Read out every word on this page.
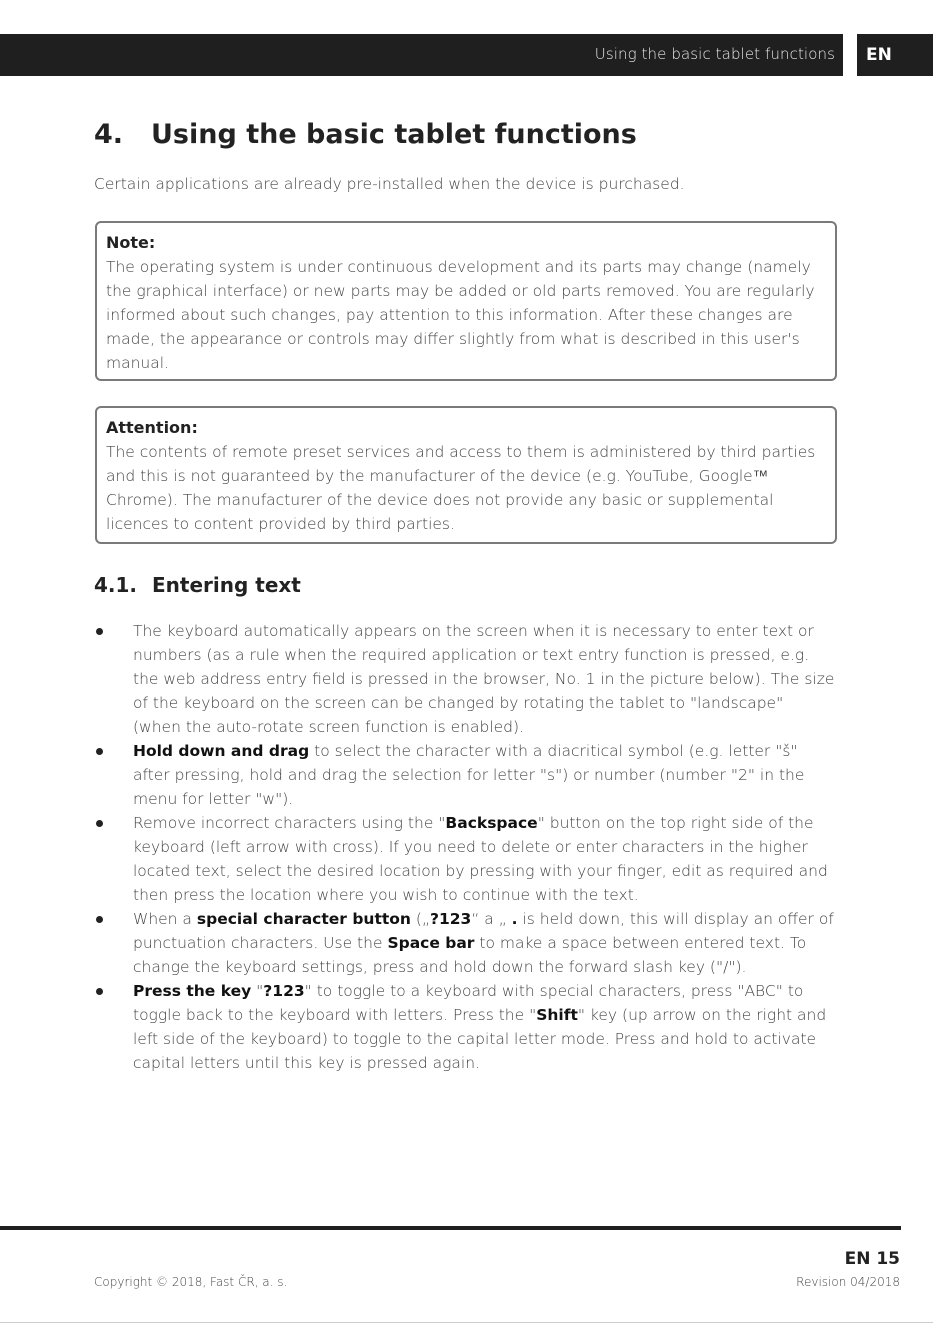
Using the basic tablet functions	EN
4. Using the basic tablet functions

Certain applications are already pre-installed when the device is purchased.

Note:

The operating system is under continuous development and its parts may change (namely the graphical interface) or new parts may be added or old parts removed. You are regularly informed about such changes, pay attention to this information. After these changes are made, the appearance or controls may differ slightly from what is described in this user's manual.

Attention:

The contents of remote preset services and access to them is administered by third parties and this is not guaranteed by the manufacturer of the device (e.g. YouTube, Google™ Chrome). The manufacturer of the device does not provide any basic or supplemental licences to content provided by third parties.

4.1. Entering text
The keyboard automatically appears on the screen when it is necessary to enter text or numbers (as a rule when the required application or text entry function is pressed, e.g. the web address entry field is pressed in the browser, No. 1 in the picture below). The size of the keyboard on the screen can be changed by rotating the tablet to "landscape" (when the auto-rotate screen function is enabled).
Hold down and drag to select the character with a diacritical symbol (e.g. letter "š" after pressing, hold and drag the selection for letter "s") or number (number "2" in the menu for letter "w").
Remove incorrect characters using the "Backspace" button on the top right side of the keyboard (left arrow with cross). If you need to delete or enter characters in the higher located text, select the desired location by pressing with your finger, edit as required and then press the location where you wish to continue with the text.
When a special character button („?123“ a „ . is held down, this will display an offer of punctuation characters. Use the Space bar to make a space between entered text. To change the keyboard settings, press and hold down the forward slash key ("/").
Press the key "?123" to toggle to a keyboard with special characters, press "ABC" to toggle back to the keyboard with letters. Press the "Shift" key (up arrow on the right and left side of the keyboard) to toggle to the capital letter mode. Press and hold to activate capital letters until this key is pressed again.
EN 15
Copyright © 2018, Fast ČR, a. s.	Revision 04/2018
